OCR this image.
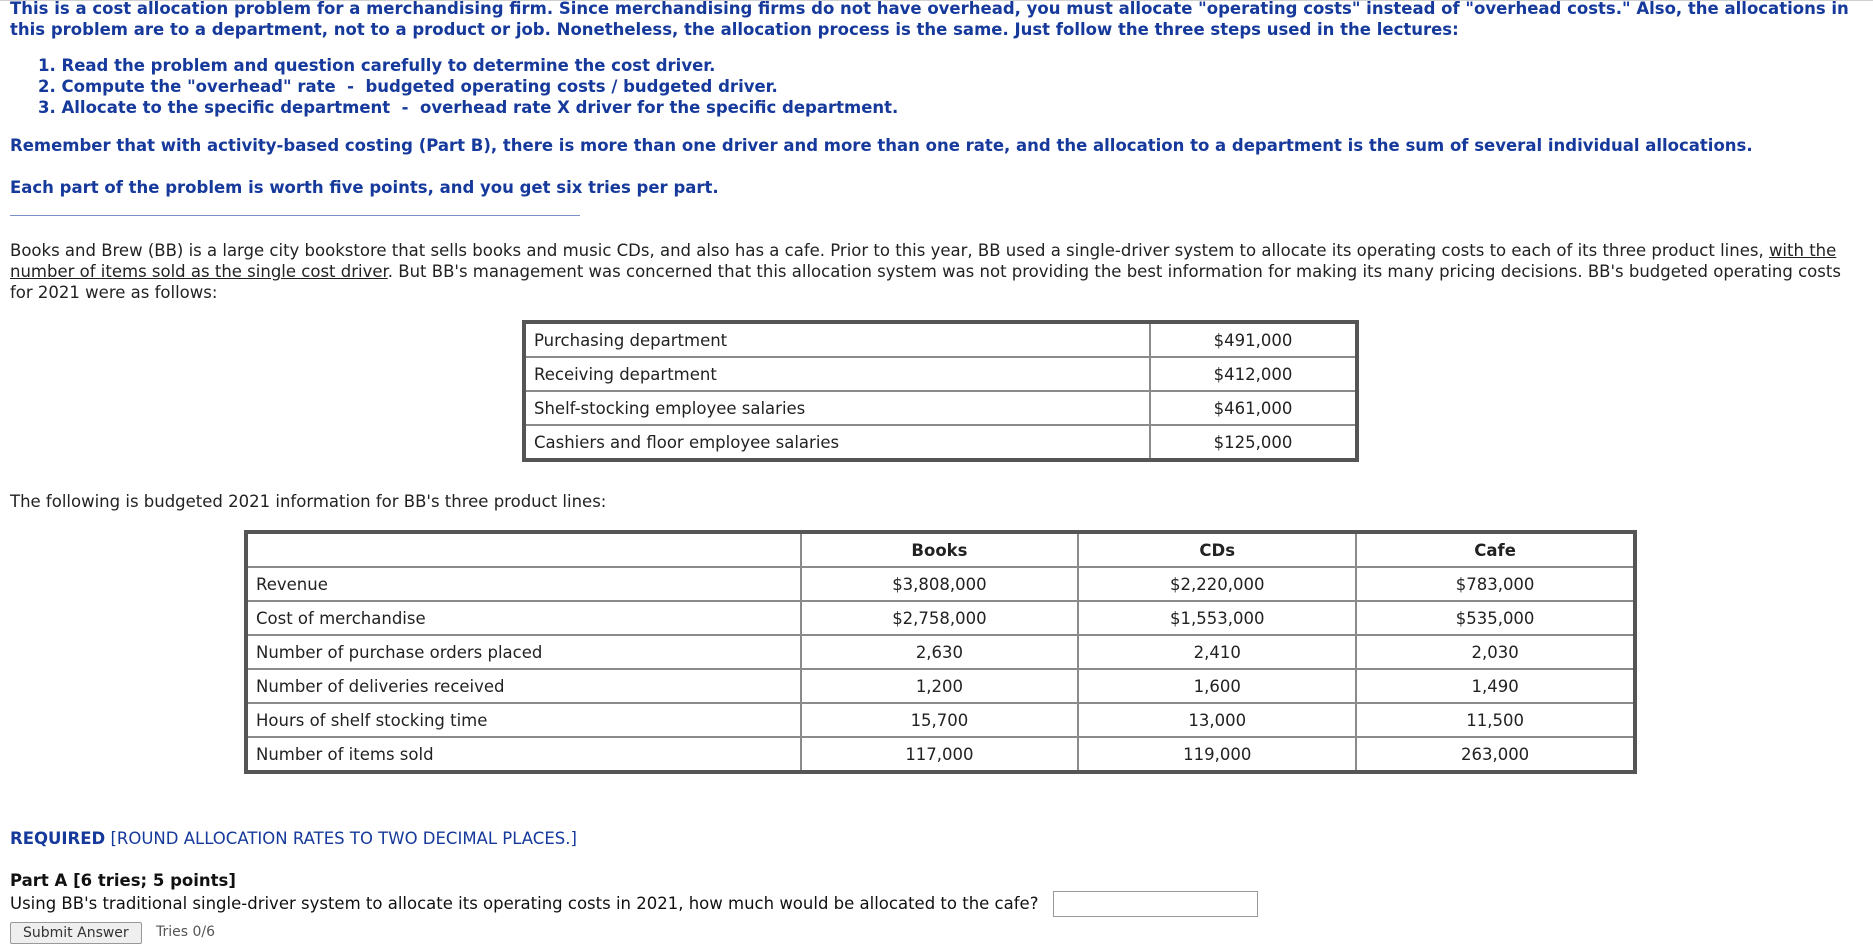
This is a cost allocation problem for a merchandising firm. Since merchandising firms do not have overhead, you must allocate "operating costs" instead of "overhead costs." Also, the allocations in this problem are to a department, not to a product or job. Nonetheless, the allocation process is the same. Just follow the three steps used in the lectures:

1. Read the problem and question carefully to determine the cost driver.
2. Compute the "overhead" rate  -  budgeted operating costs / budgeted driver.
3. Allocate to the specific department  -  overhead rate X driver for the specific department.
Remember that with activity-based costing (Part B), there is more than one driver and more than one rate, and the allocation to a department is the sum of several individual allocations.
Each part of the problem is worth five points, and you get six tries per part.
Books and Brew (BB) is a large city bookstore that sells books and music CDs, and also has a cafe. Prior to this year, BB used a single-driver system to allocate its operating costs to each of its three product lines, with the number of items sold as the single cost driver. But BB's management was concerned that this allocation system was not providing the best information for making its many pricing decisions. BB's budgeted operating costs for 2021 were as follows:
Purchasing department	$491,000
Receiving department	$412,000
Shelf-stocking employee salaries	$461,000
Cashiers and floor employee salaries	$125,000
The following is budgeted 2021 information for BB's three product lines:
	Books	CDs	Cafe
Revenue	$3,808,000	$2,220,000	$783,000
Cost of merchandise	$2,758,000	$1,553,000	$535,000
Number of purchase orders placed	2,630	2,410	2,030
Number of deliveries received	1,200	1,600	1,490
Hours of shelf stocking time	15,700	13,000	11,500
Number of items sold	117,000	119,000	263,000
REQUIRED [ROUND ALLOCATION RATES TO TWO DECIMAL PLACES.]
Part A [6 tries; 5 points]
Using BB's traditional single-driver system to allocate its operating costs in 2021, how much would be allocated to the cafe?
Submit Answer	Tries 0/6
